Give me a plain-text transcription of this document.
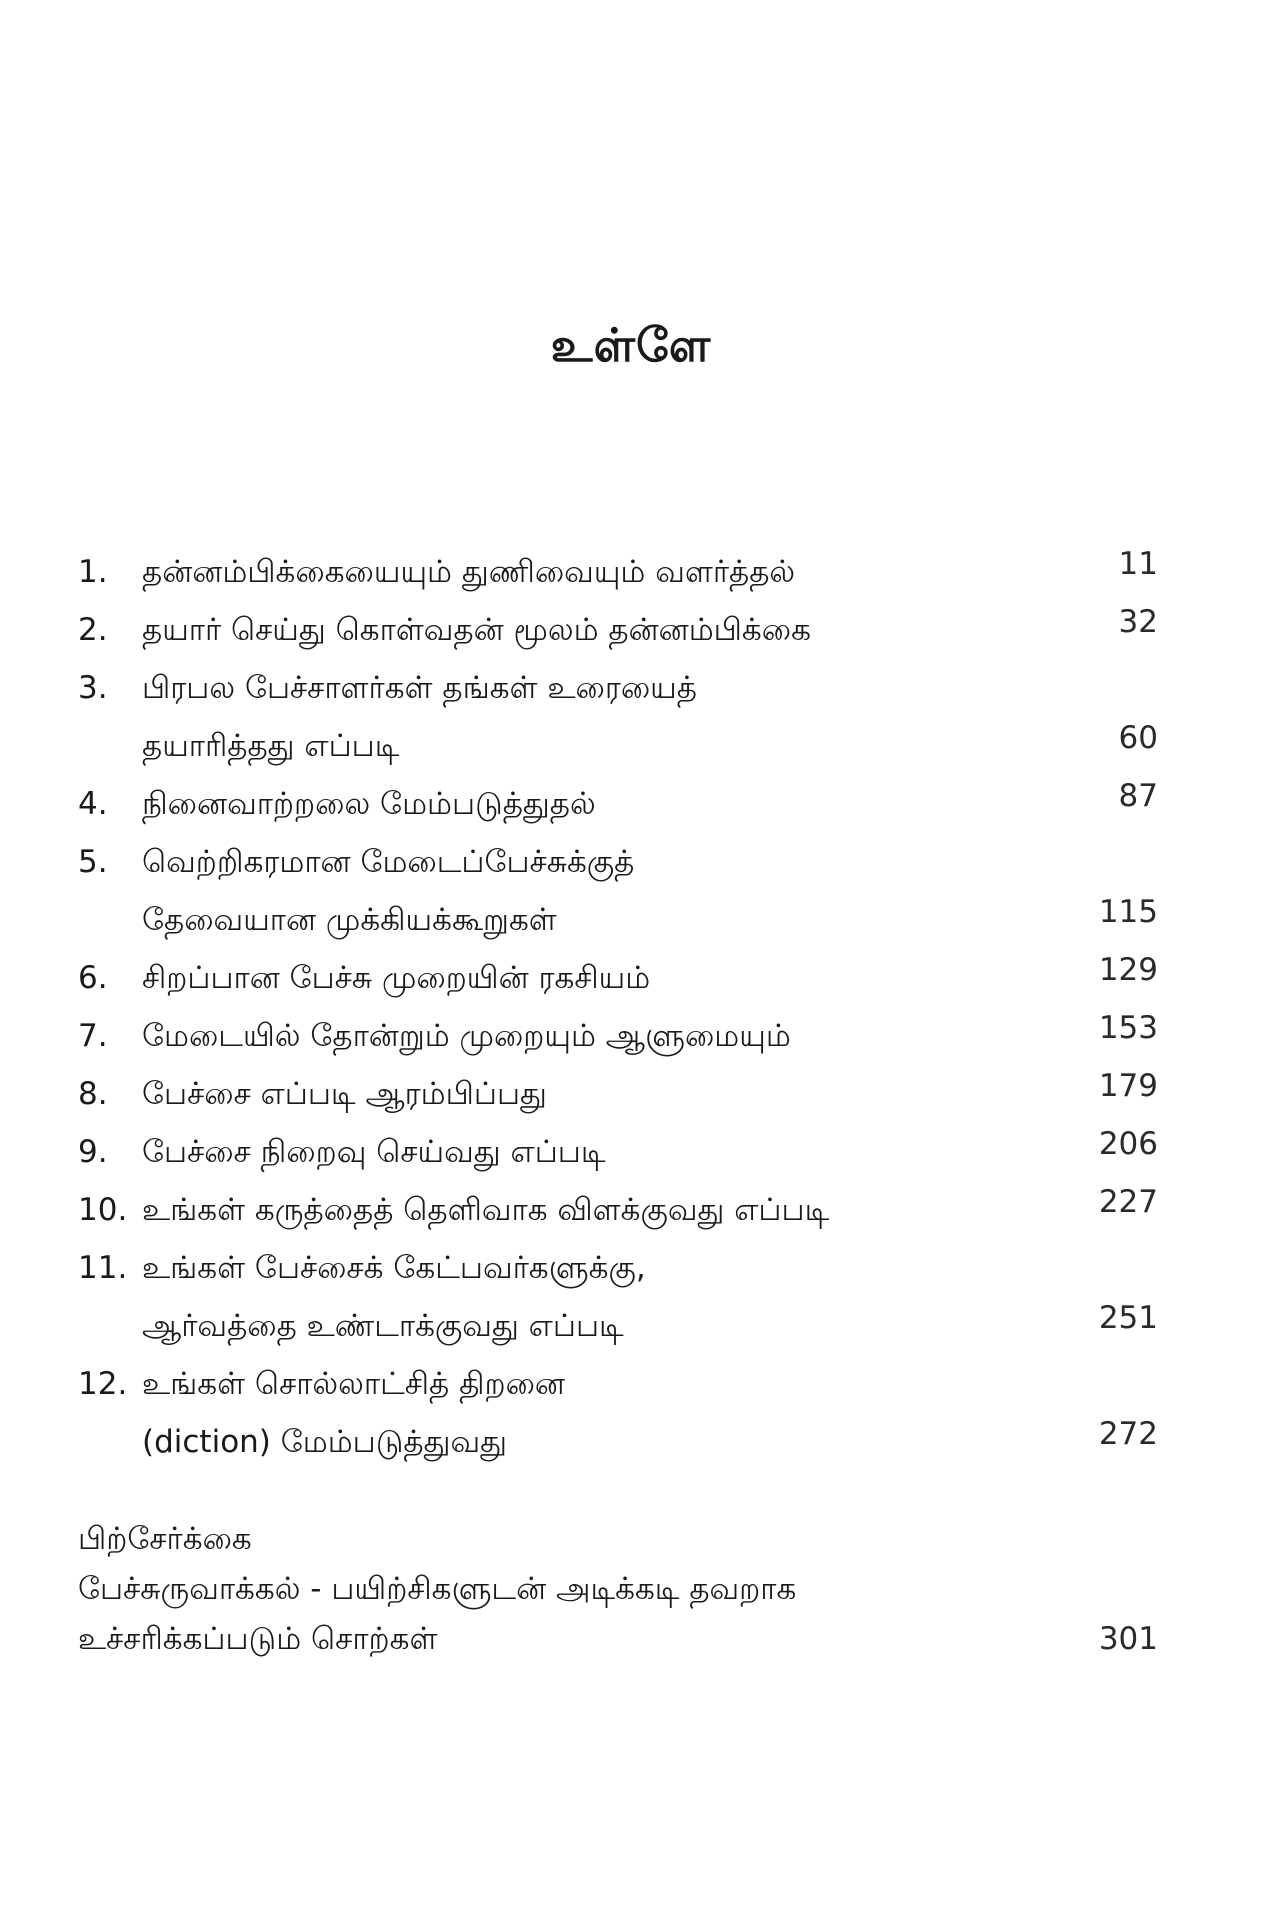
உள்ளே
1. தன்னம்பிக்கையையும் துணிவையும் வளர்த்தல்	11
2. தயார் செய்து கொள்வதன் மூலம் தன்னம்பிக்கை	32
3. பிரபல பேச்சாளர்கள் தங்கள் உரையைத்
தயாரித்தது எப்படி	60
4. நினைவாற்றலை மேம்படுத்துதல்	87
5. வெற்றிகரமான மேடைப்பேச்சுக்குத்
தேவையான முக்கியக்கூறுகள்	115
6. சிறப்பான பேச்சு முறையின் ரகசியம்	129
7. மேடையில் தோன்றும் முறையும் ஆளுமையும்	153
8. பேச்சை எப்படி ஆரம்பிப்பது	179
9. பேச்சை நிறைவு செய்வது எப்படி	206
10. உங்கள் கருத்தைத் தெளிவாக விளக்குவது எப்படி	227
11. உங்கள் பேச்சைக் கேட்பவர்களுக்கு,
ஆர்வத்தை உண்டாக்குவது எப்படி	251
12. உங்கள் சொல்லாட்சித் திறனை
(diction) மேம்படுத்துவது	272
பிற்சேர்க்கை
பேச்சுருவாக்கல் - பயிற்சிகளுடன் அடிக்கடி தவறாக
உச்சரிக்கப்படும் சொற்கள்	301
